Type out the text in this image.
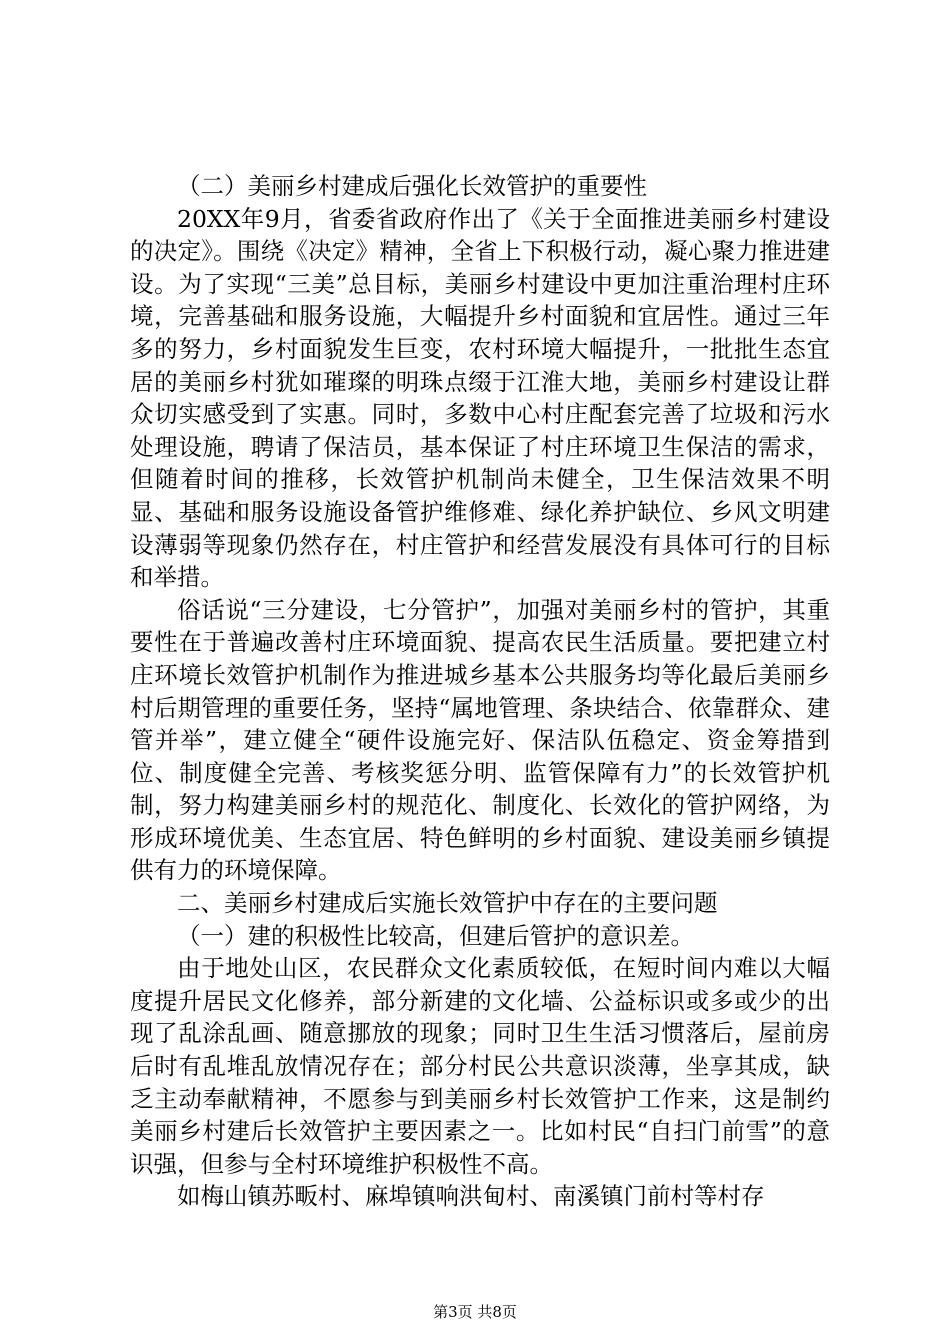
（二）美丽乡村建成后强化长效管护的重要性

20XX年9月，省委省政府作出了《关于全面推进美丽乡村建设的决定》。围绕《决定》精神，全省上下积极行动，凝心聚力推进建设。为了实现“三美”总目标，美丽乡村建设中更加注重治理村庄环境，完善基础和服务设施，大幅提升乡村面貌和宜居性。通过三年多的努力，乡村面貌发生巨变，农村环境大幅提升，一批批生态宜居的美丽乡村犹如璀璨的明珠点缀于江淮大地，美丽乡村建设让群众切实感受到了实惠。同时，多数中心村庄配套完善了垃圾和污水处理设施，聘请了保洁员，基本保证了村庄环境卫生保洁的需求，但随着时间的推移，长效管护机制尚未健全，卫生保洁效果不明显、基础和服务设施设备管护维修难、绿化养护缺位、乡风文明建设薄弱等现象仍然存在，村庄管护和经营发展没有具体可行的目标和举措。

俗话说“三分建设，七分管护”，加强对美丽乡村的管护，其重要性在于普遍改善村庄环境面貌、提高农民生活质量。要把建立村庄环境长效管护机制作为推进城乡基本公共服务均等化最后美丽乡村后期管理的重要任务，坚持“属地管理、条块结合、依靠群众、建管并举”，建立健全“硬件设施完好、保洁队伍稳定、资金筹措到位、制度健全完善、考核奖惩分明、监管保障有力”的长效管护机制，努力构建美丽乡村的规范化、制度化、长效化的管护网络，为形成环境优美、生态宜居、特色鲜明的乡村面貌、建设美丽乡镇提供有力的环境保障。

二、美丽乡村建成后实施长效管护中存在的主要问题

（一）建的积极性比较高，但建后管护的意识差。

由于地处山区，农民群众文化素质较低，在短时间内难以大幅度提升居民文化修养，部分新建的文化墙、公益标识或多或少的出现了乱涂乱画、随意挪放的现象；同时卫生生活习惯落后，屋前房后时有乱堆乱放情况存在；部分村民公共意识淡薄，坐享其成，缺乏主动奉献精神，不愿参与到美丽乡村长效管护工作来，这是制约美丽乡村建后长效管护主要因素之一。比如村民“自扫门前雪”的意识强，但参与全村环境维护积极性不高。

如梅山镇苏畈村、麻埠镇响洪甸村、南溪镇门前村等村存

第3页 共8页
